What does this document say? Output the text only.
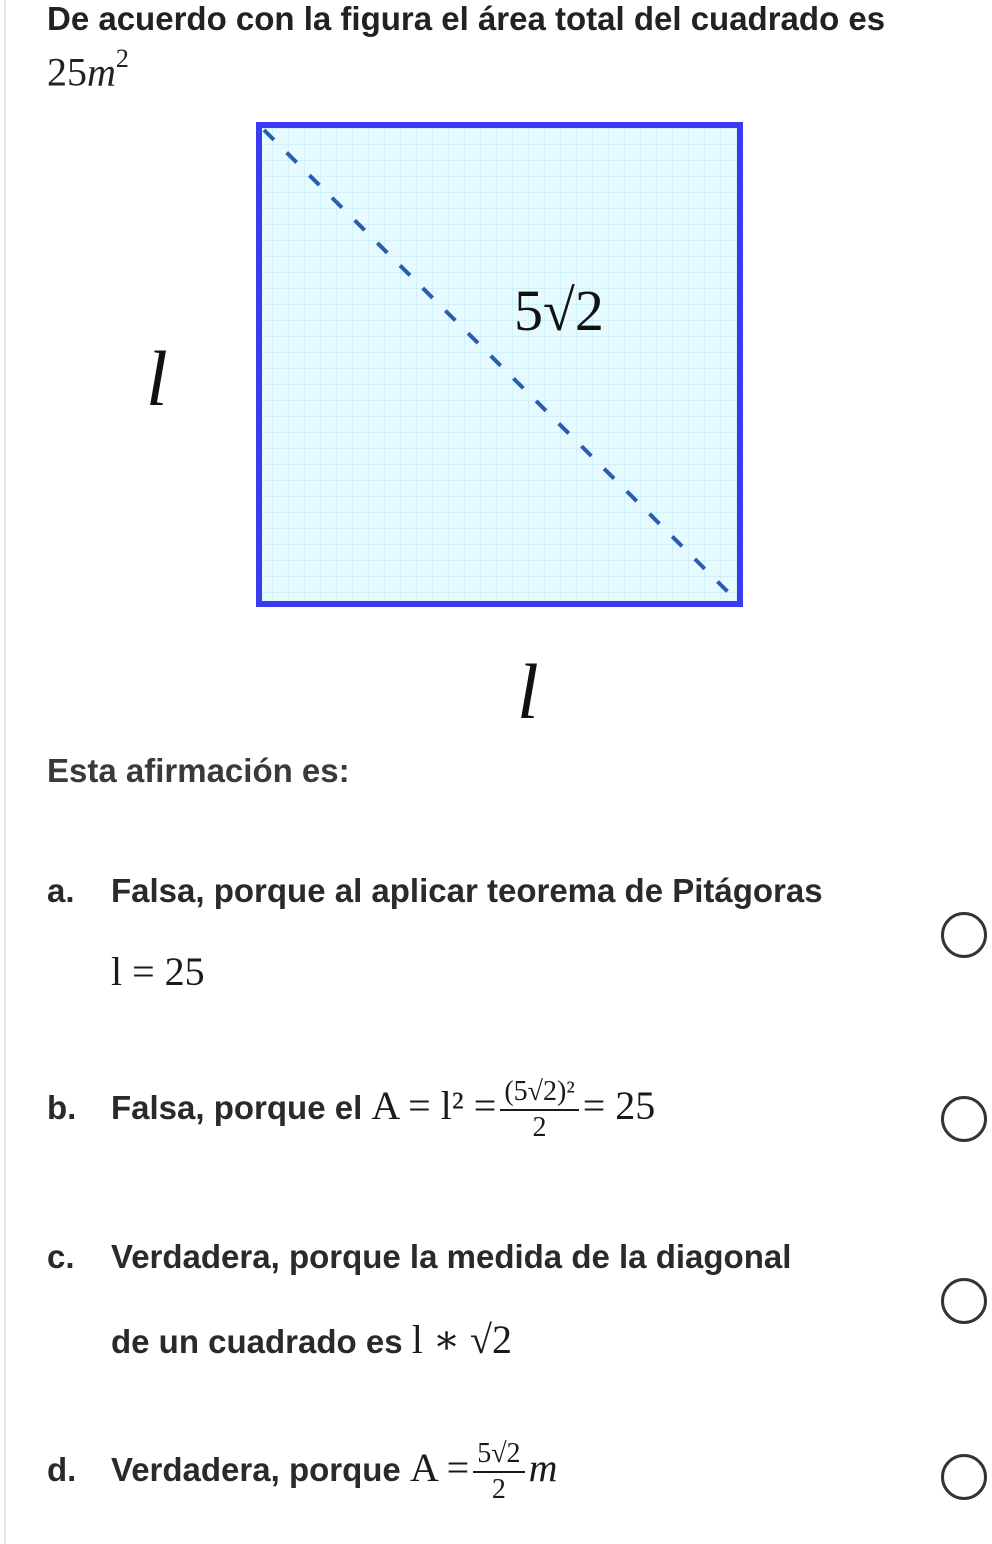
De acuerdo con la figura el área total del cuadrado es
$25m^2$
5√2
l
l
Esta afirmación es:
a. Falsa, porque al aplicar teorema de Pitágoras
l = 25
b. Falsa, porque el $A = l^2 = \frac{\text{(5√2)²}}{2} = 25$
c. Verdadera, porque la medida de la diagonal
de un cuadrado es l ∗ √2
d. Verdadera, porque $A = \frac{5√2}{2}$ m
